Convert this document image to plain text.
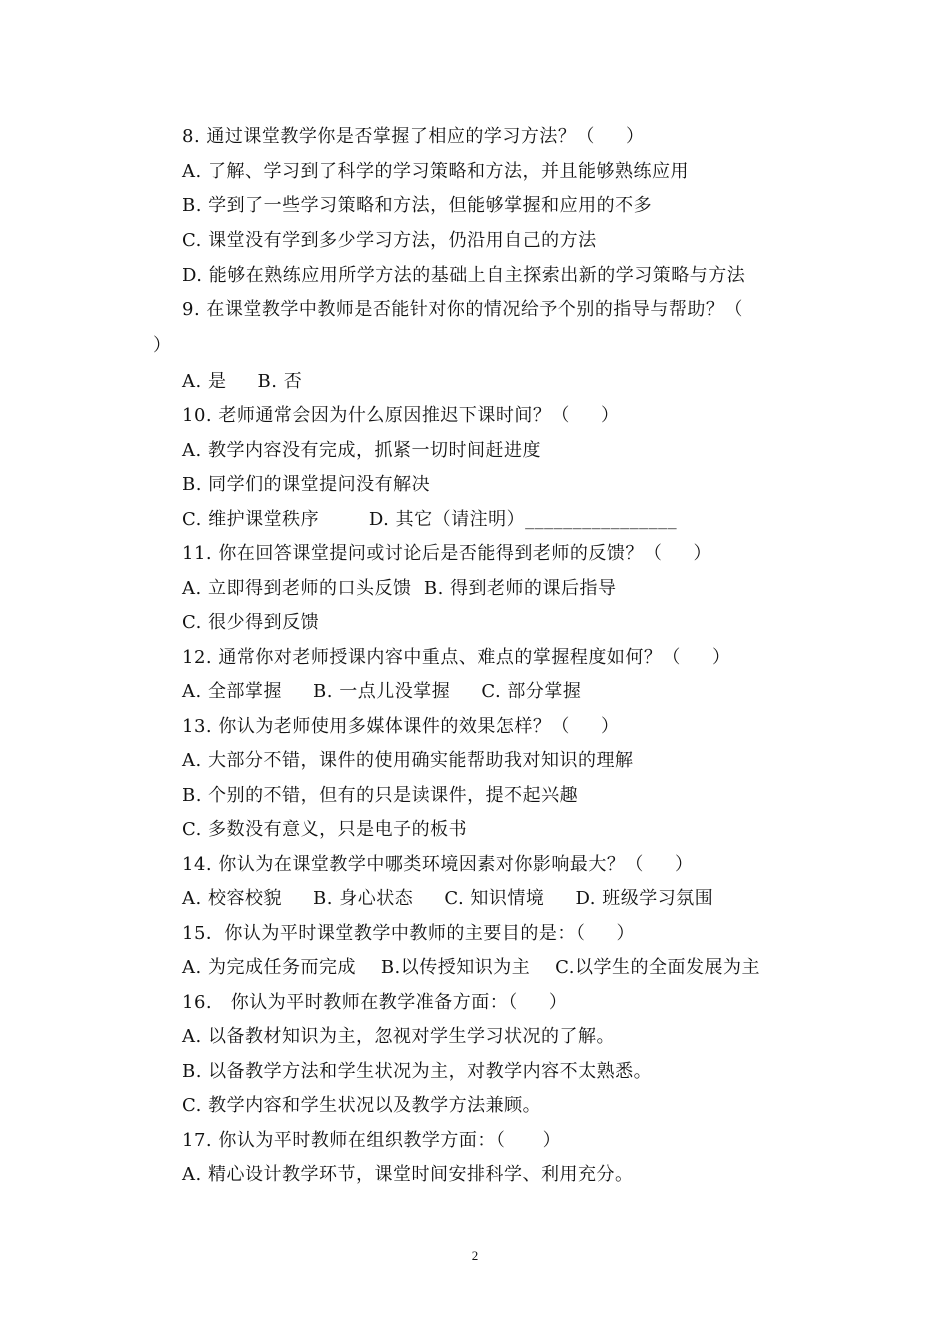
8. 通过课堂教学你是否掌握了相应的学习方法？（     ）
A. 了解、学习到了科学的学习策略和方法，并且能够熟练应用
B. 学到了一些学习策略和方法，但能够掌握和应用的不多
C. 课堂没有学到多少学习方法，仍沿用自己的方法
D. 能够在熟练应用所学方法的基础上自主探索出新的学习策略与方法
9. 在课堂教学中教师是否能针对你的情况给予个别的指导与帮助？（
）
A. 是     B. 否
10. 老师通常会因为什么原因推迟下课时间？（     ）
A. 教学内容没有完成，抓紧一切时间赶进度
B. 同学们的课堂提问没有解决
C. 维护课堂秩序        D. 其它（请注明）________________
11. 你在回答课堂提问或讨论后是否能得到老师的反馈？（     ）
A. 立即得到老师的口头反馈  B. 得到老师的课后指导
C. 很少得到反馈
12. 通常你对老师授课内容中重点、难点的掌握程度如何？（     ）
A. 全部掌握     B. 一点儿没掌握     C. 部分掌握
13. 你认为老师使用多媒体课件的效果怎样？（     ）
A. 大部分不错，课件的使用确实能帮助我对知识的理解
B. 个别的不错，但有的只是读课件，提不起兴趣
C. 多数没有意义，只是电子的板书
14. 你认为在课堂教学中哪类环境因素对你影响最大？（     ）
A. 校容校貌     B. 身心状态     C. 知识情境     D. 班级学习氛围
15．你认为平时课堂教学中教师的主要目的是：（     ）
A. 为完成任务而完成    B.以传授知识为主    C.以学生的全面发展为主
16.   你认为平时教师在教学准备方面：（     ）
A. 以备教材知识为主，忽视对学生学习状况的了解。
B. 以备教学方法和学生状况为主，对教学内容不太熟悉。
C. 教学内容和学生状况以及教学方法兼顾。
17. 你认为平时教师在组织教学方面：（      ）
A. 精心设计教学环节，课堂时间安排科学、利用充分。
2
